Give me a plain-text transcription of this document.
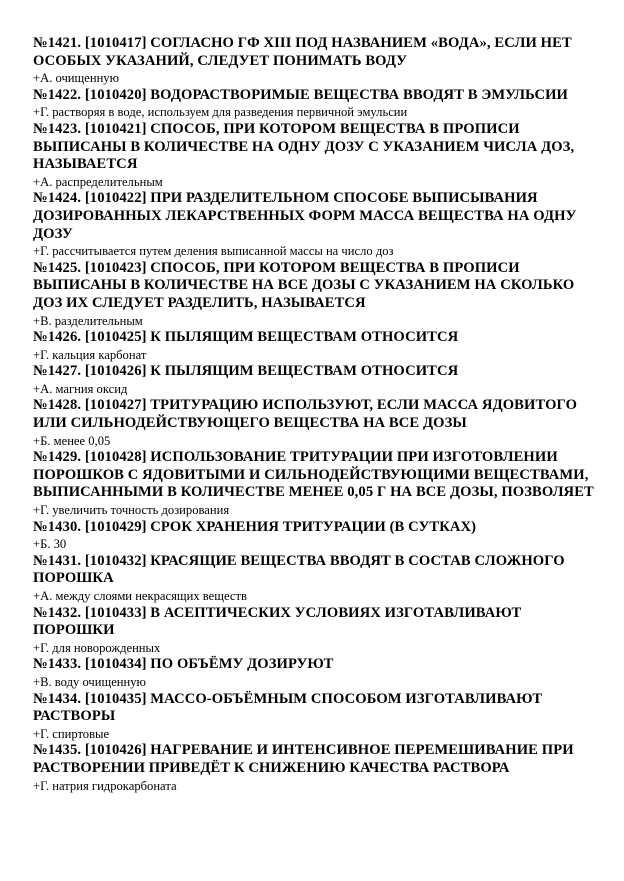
№1421. [1010417] СОГЛАСНО ГФ XIII ПОД НАЗВАНИЕМ «ВОДА», ЕСЛИ НЕТ ОСОБЫХ УКАЗАНИЙ, СЛЕДУЕТ ПОНИМАТЬ ВОДУ
+А. очищенную
№1422. [1010420] ВОДОРАСТВОРИМЫЕ ВЕЩЕСТВА ВВОДЯТ В ЭМУЛЬСИИ
+Г. растворяя в воде, используем для разведения первичной эмульсии
№1423. [1010421] СПОСОБ, ПРИ КОТОРОМ ВЕЩЕСТВА В ПРОПИСИ ВЫПИСАНЫ В КОЛИЧЕСТВЕ НА ОДНУ ДОЗУ С УКАЗАНИЕМ ЧИСЛА ДОЗ, НАЗЫВАЕТСЯ
+А. распределительным
№1424. [1010422] ПРИ РАЗДЕЛИТЕЛЬНОМ СПОСОБЕ ВЫПИСЫВАНИЯ ДОЗИРОВАННЫХ ЛЕКАРСТВЕННЫХ ФОРМ МАССА ВЕЩЕСТВА НА ОДНУ ДОЗУ
+Г. рассчитывается путем деления выписанной массы на число доз
№1425. [1010423] СПОСОБ, ПРИ КОТОРОМ ВЕЩЕСТВА В ПРОПИСИ ВЫПИСАНЫ В КОЛИЧЕСТВЕ НА ВСЕ ДОЗЫ С УКАЗАНИЕМ НА СКОЛЬКО ДОЗ ИХ СЛЕДУЕТ РАЗДЕЛИТЬ, НАЗЫВАЕТСЯ
+В. разделительным
№1426. [1010425] К ПЫЛЯЩИМ ВЕЩЕСТВАМ ОТНОСИТСЯ
+Г. кальция карбонат
№1427. [1010426] К ПЫЛЯЩИМ ВЕЩЕСТВАМ ОТНОСИТСЯ
+А. магния оксид
№1428. [1010427] ТРИТУРАЦИЮ ИСПОЛЬЗУЮТ, ЕСЛИ МАССА ЯДОВИТОГО ИЛИ СИЛЬНОДЕЙСТВУЮЩЕГО ВЕЩЕСТВА НА ВСЕ ДОЗЫ
+Б. менее 0,05
№1429. [1010428] ИСПОЛЬЗОВАНИЕ ТРИТУРАЦИИ ПРИ ИЗГОТОВЛЕНИИ ПОРОШКОВ С ЯДОВИТЫМИ И СИЛЬНОДЕЙСТВУЮЩИМИ ВЕЩЕСТВАМИ, ВЫПИСАННЫМИ В КОЛИЧЕСТВЕ МЕНЕЕ 0,05 Г НА ВСЕ ДОЗЫ, ПОЗВОЛЯЕТ
+Г. увеличить точность дозирования
№1430. [1010429] СРОК ХРАНЕНИЯ ТРИТУРАЦИИ (В СУТКАХ)
+Б. 30
№1431. [1010432] КРАСЯЩИЕ ВЕЩЕСТВА ВВОДЯТ В СОСТАВ СЛОЖНОГО ПОРОШКА
+А. между слоями некрасящих веществ
№1432. [1010433] В АСЕПТИЧЕСКИХ УСЛОВИЯХ ИЗГОТАВЛИВАЮТ ПОРОШКИ
+Г. для новорожденных
№1433. [1010434] ПО ОБЪЁМУ ДОЗИРУЮТ
+В. воду очищенную
№1434. [1010435] МАССО-ОБЪЁМНЫМ СПОСОБОМ ИЗГОТАВЛИВАЮТ РАСТВОРЫ
+Г. спиртовые
№1435. [1010426] НАГРЕВАНИЕ И ИНТЕНСИВНОЕ ПЕРЕМЕШИВАНИЕ ПРИ РАСТВОРЕНИИ ПРИВЕДЁТ К СНИЖЕНИЮ КАЧЕСТВА РАСТВОРА
+Г. натрия гидрокарбоната
